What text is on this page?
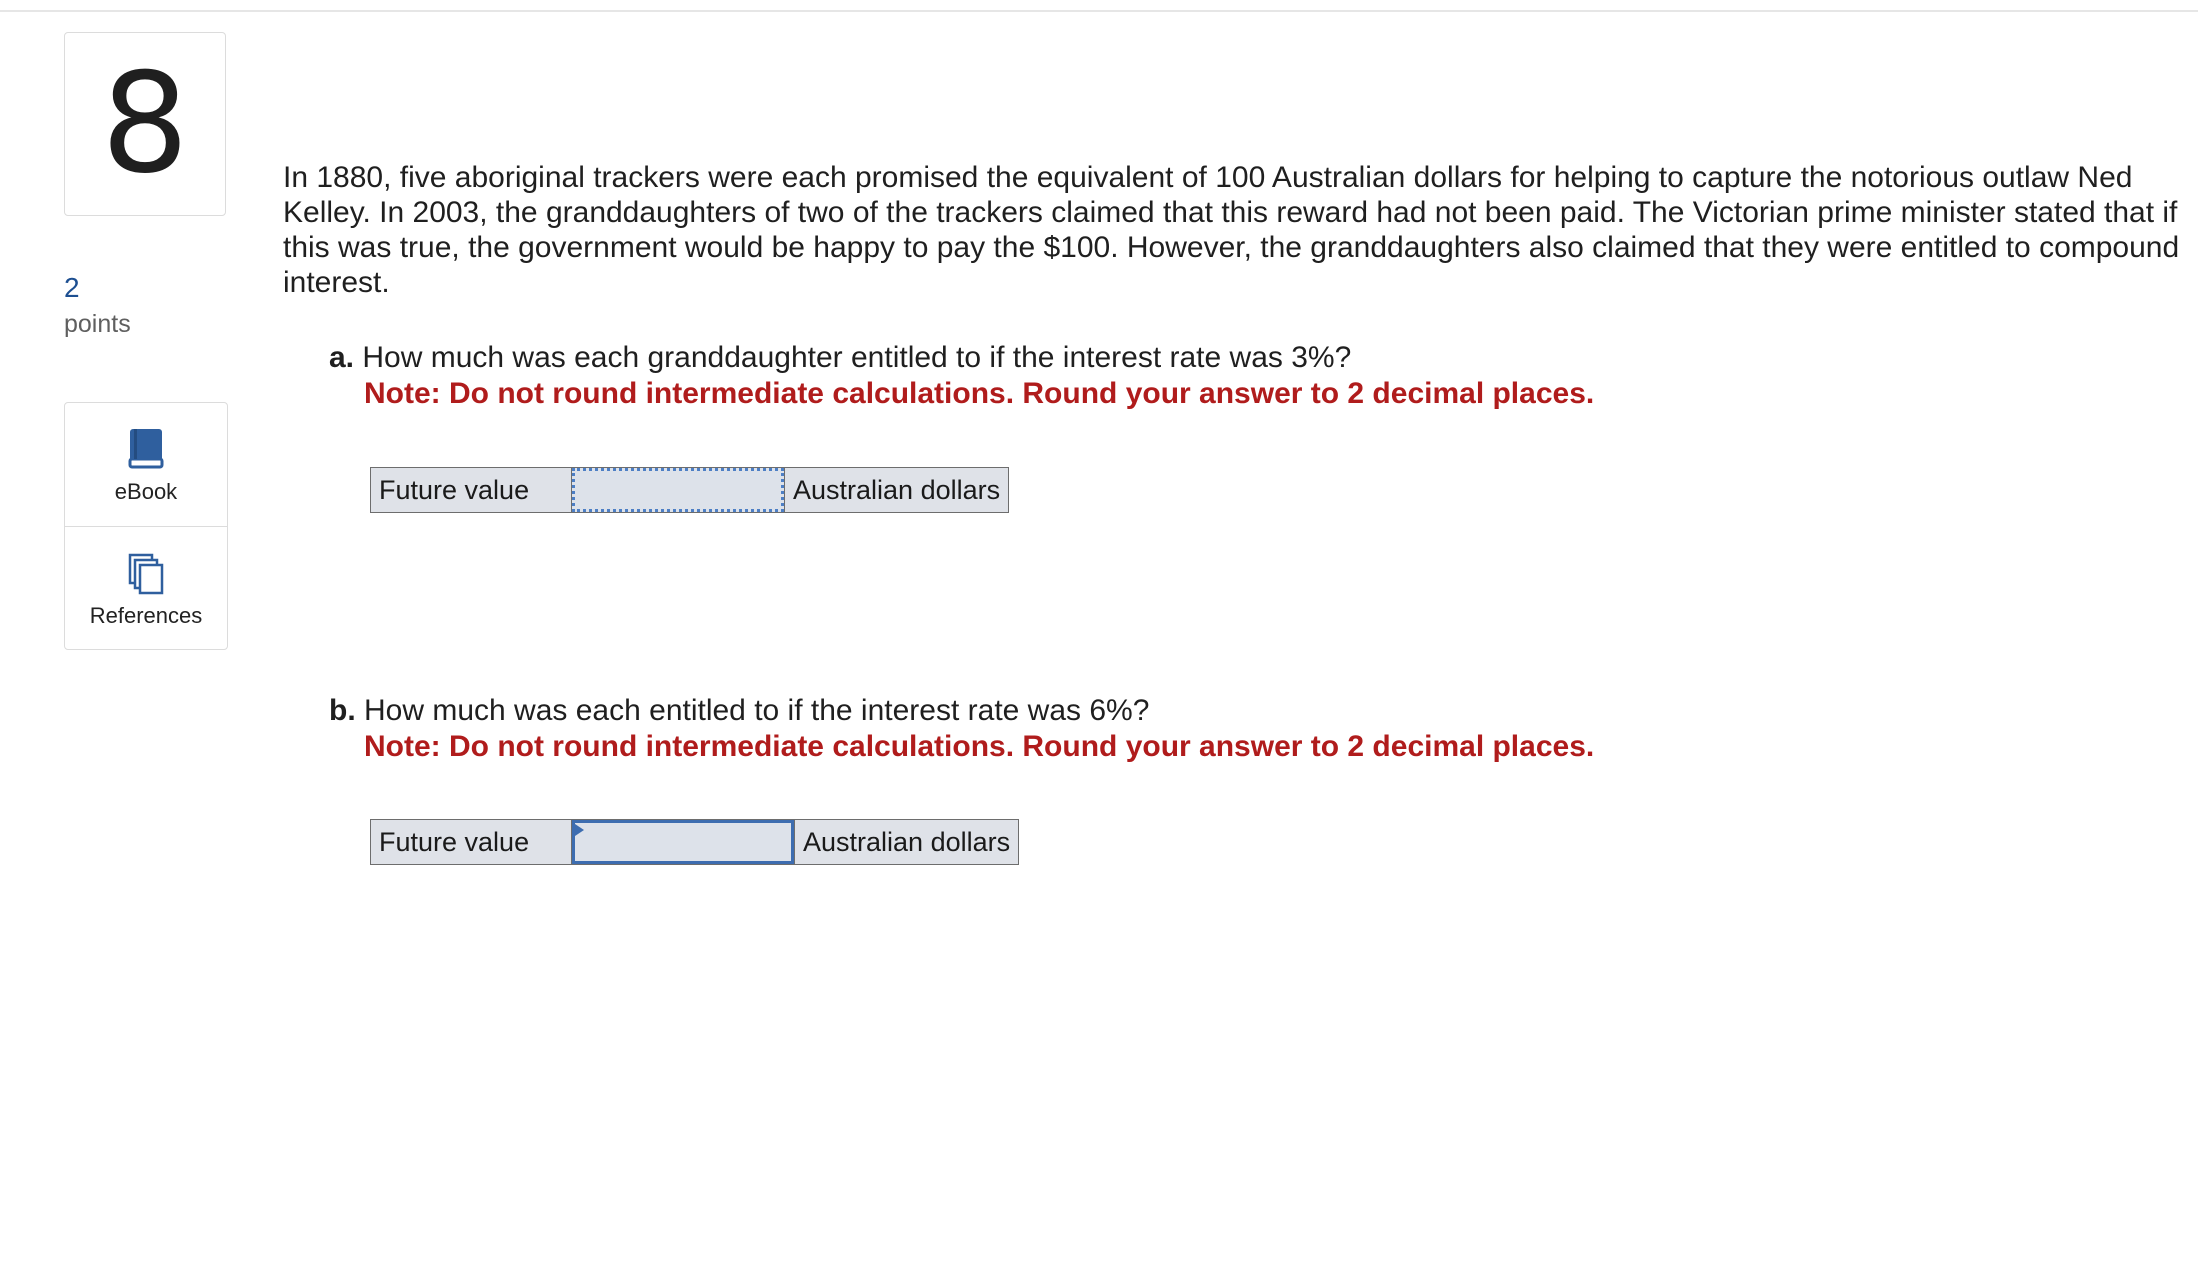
8
2
points
eBook
References
In 1880, five aboriginal trackers were each promised the equivalent of 100 Australian dollars for helping to capture the notorious outlaw Ned Kelley. In 2003, the granddaughters of two of the trackers claimed that this reward had not been paid. The Victorian prime minister stated that if this was true, the government would be happy to pay the $100. However, the granddaughters also claimed that they were entitled to compound interest.
a. How much was each granddaughter entitled to if the interest rate was 3%?
Note: Do not round intermediate calculations. Round your answer to 2 decimal places.
Future value	Australian dollars
b. How much was each entitled to if the interest rate was 6%?
Note: Do not round intermediate calculations. Round your answer to 2 decimal places.
Future value	Australian dollars
